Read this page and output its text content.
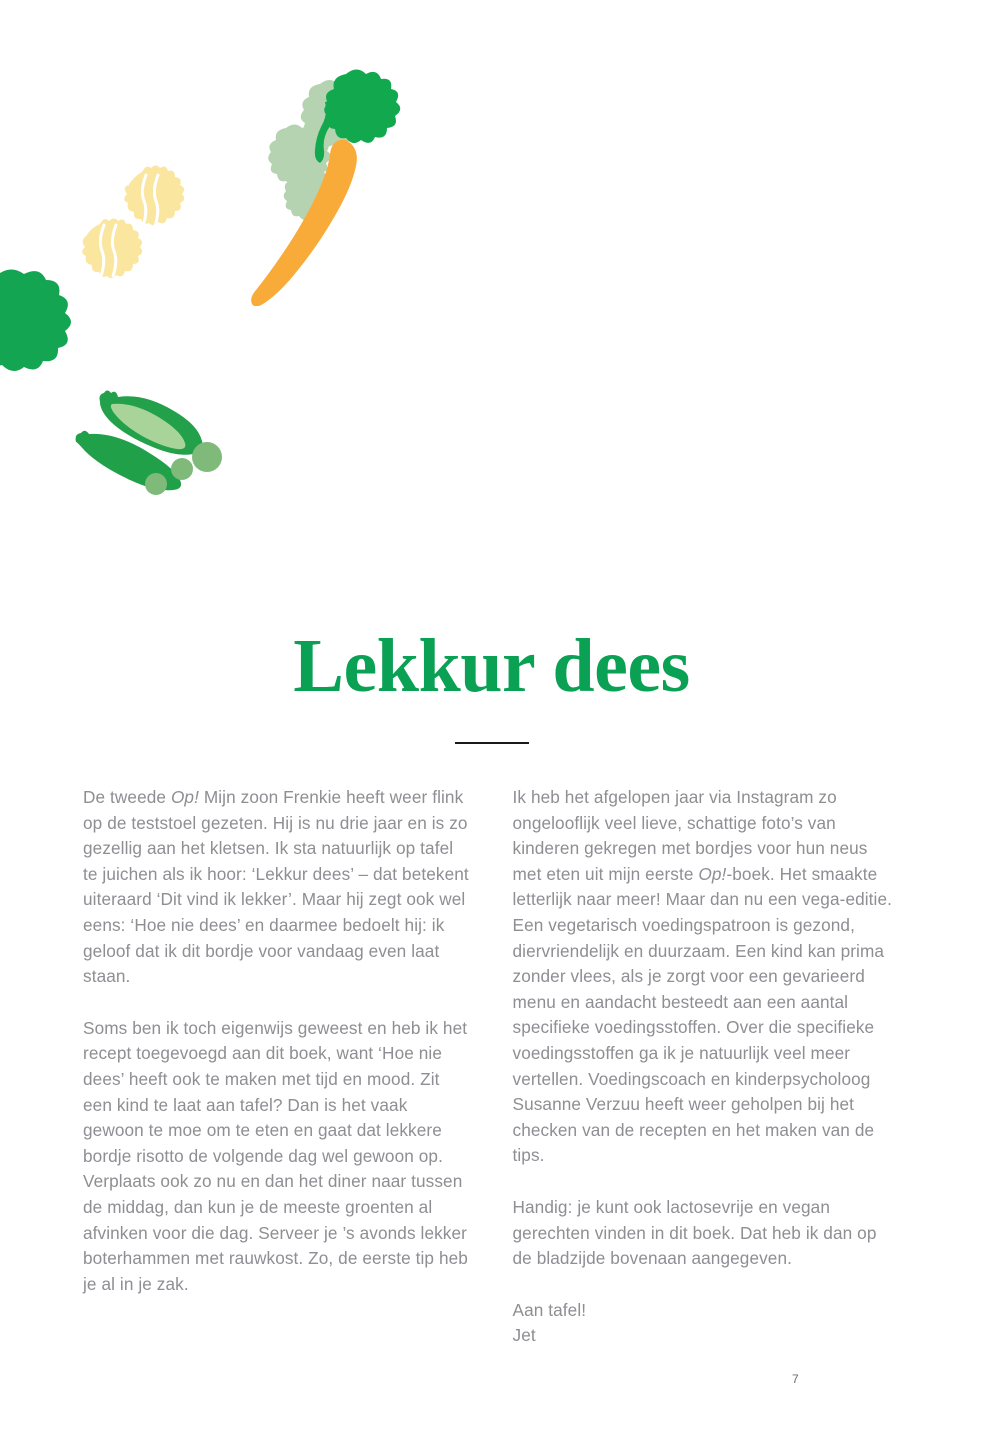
Lekkur dees

De tweede Op! Mijn zoon Frenkie heeft weer flink op de teststoel gezeten. Hij is nu drie jaar en is zo gezellig aan het kletsen. Ik sta natuurlijk op tafel te juichen als ik hoor: ‘Lekkur dees’ – dat betekent uiteraard ‘Dit vind ik lekker’. Maar hij zegt ook wel eens: ‘Hoe nie dees’ en daarmee bedoelt hij: ik geloof dat ik dit bordje voor vandaag even laat staan.

Soms ben ik toch eigenwijs geweest en heb ik het recept toegevoegd aan dit boek, want ‘Hoe nie dees’ heeft ook te maken met tijd en mood. Zit een kind te laat aan tafel? Dan is het vaak gewoon te moe om te eten en gaat dat lekkere bordje risotto de volgende dag wel gewoon op. Verplaats ook zo nu en dan het diner naar tussen de middag, dan kun je de meeste groenten al afvinken voor die dag. Serveer je ’s avonds lekker boterhammen met rauwkost. Zo, de eerste tip heb je al in je zak.

Ik heb het afgelopen jaar via Instagram zo ongelooflijk veel lieve, schattige foto’s van kinderen gekregen met bordjes voor hun neus met eten uit mijn eerste Op!-boek. Het smaakte letterlijk naar meer! Maar dan nu een vega-editie. Een vegetarisch voedingspatroon is gezond, diervriendelijk en duurzaam. Een kind kan prima zonder vlees, als je zorgt voor een gevarieerd menu en aandacht besteedt aan een aantal specifieke voedingsstoffen. Over die specifieke voedingsstoffen ga ik je natuurlijk veel meer vertellen. Voedingscoach en kinderpsycholoog Susanne Verzuu heeft weer geholpen bij het checken van de recepten en het maken van de tips.

Handig: je kunt ook lactosevrije en vegan gerechten vinden in dit boek. Dat heb ik dan op de bladzijde bovenaan aangegeven.

Aan tafel!
Jet

7
